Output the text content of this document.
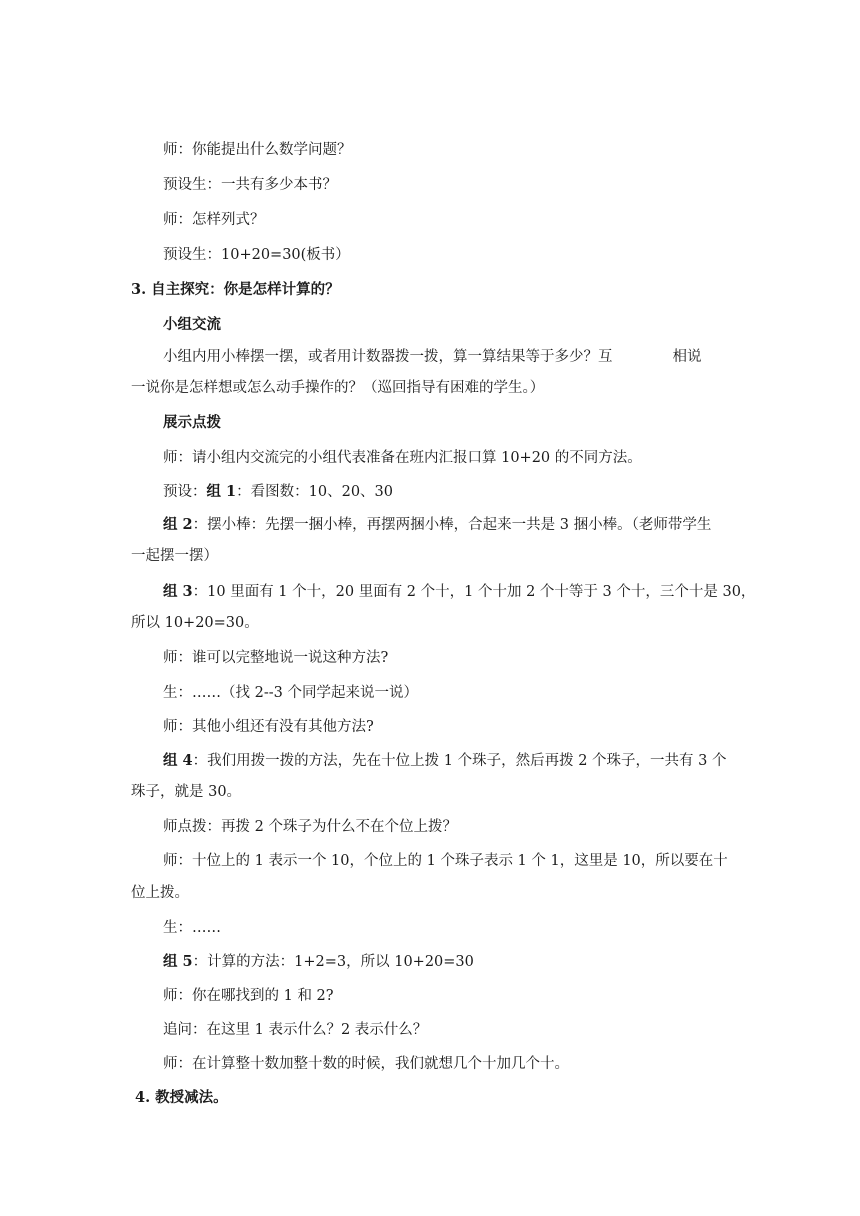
师：你能提出什么数学问题？
预设生：一共有多少本书？
师：怎样列式？
预设生：10+20=30(板书）
3. 自主探究：你是怎样计算的？
小组交流
小组内用小棒摆一摆，或者用计数器拨一拨，算一算结果等于多少？互	相说
一说你是怎样想或怎么动手操作的？（巡回指导有困难的学生。）
展示点拨
师：请小组内交流完的小组代表准备在班内汇报口算 10+20 的不同方法。
预设：组 1：看图数：10、20、30
组 2：摆小棒：先摆一捆小棒，再摆两捆小棒，合起来一共是 3 捆小棒。（老师带学生
一起摆一摆）
组 3：10 里面有 1 个十，20 里面有 2 个十，1 个十加 2 个十等于 3 个十，三个十是 30，
所以 10+20=30。
师：谁可以完整地说一说这种方法?
生：……（找 2--3 个同学起来说一说）
师：其他小组还有没有其他方法?
组 4：我们用拨一拨的方法，先在十位上拨 1 个珠子，然后再拨 2 个珠子，一共有 3 个
珠子，就是 30。
师点拨：再拨 2 个珠子为什么不在个位上拨？
师：十位上的 1 表示一个 10，个位上的 1 个珠子表示 1 个 1，这里是 10，所以要在十
位上拨。
生：……
组 5：计算的方法：1+2=3，所以 10+20=30
师：你在哪找到的 1 和 2?
追问：在这里 1 表示什么？2 表示什么？
师：在计算整十数加整十数的时候，我们就想几个十加几个十。
4. 教授减法。
